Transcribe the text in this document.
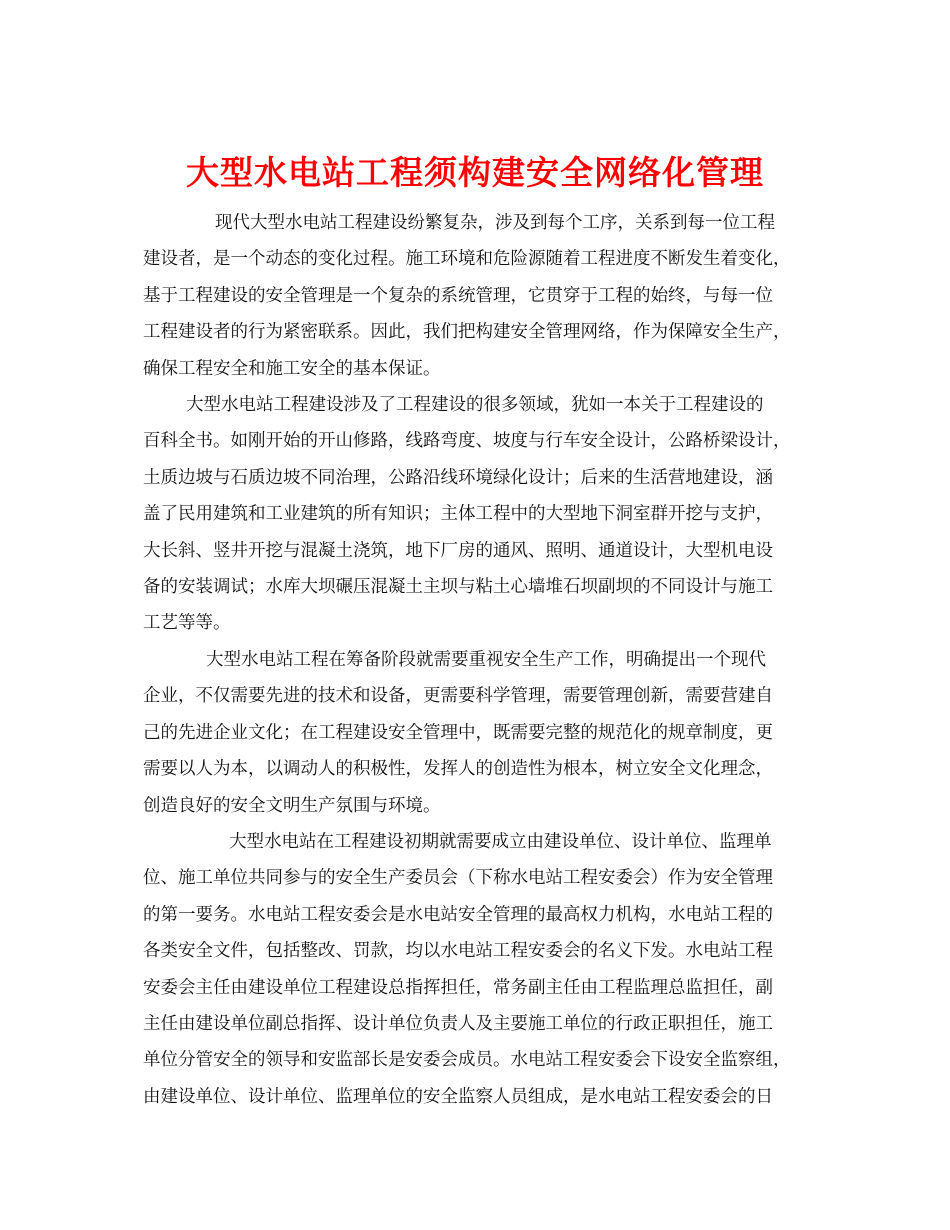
大型水电站工程须构建安全网络化管理

现代大型水电站工程建设纷繁复杂，涉及到每个工序，关系到每一位工程
建设者，是一个动态的变化过程。施工环境和危险源随着工程进度不断发生着变化，
基于工程建设的安全管理是一个复杂的系统管理，它贯穿于工程的始终，与每一位
工程建设者的行为紧密联系。因此，我们把构建安全管理网络，作为保障安全生产，
确保工程安全和施工安全的基本保证。

大型水电站工程建设涉及了工程建设的很多领域，犹如一本关于工程建设的
百科全书。如刚开始的开山修路，线路弯度、坡度与行车安全设计，公路桥梁设计，
土质边坡与石质边坡不同治理，公路沿线环境绿化设计；后来的生活营地建设，涵
盖了民用建筑和工业建筑的所有知识；主体工程中的大型地下洞室群开挖与支护，
大长斜、竖井开挖与混凝土浇筑，地下厂房的通风、照明、通道设计，大型机电设
备的安装调试；水库大坝碾压混凝土主坝与粘土心墙堆石坝副坝的不同设计与施工
工艺等等。

大型水电站工程在筹备阶段就需要重视安全生产工作，明确提出一个现代
企业，不仅需要先进的技术和设备，更需要科学管理，需要管理创新，需要营建自
己的先进企业文化；在工程建设安全管理中，既需要完整的规范化的规章制度，更
需要以人为本，以调动人的积极性，发挥人的创造性为根本，树立安全文化理念，
创造良好的安全文明生产氛围与环境。

大型水电站在工程建设初期就需要成立由建设单位、设计单位、监理单
位、施工单位共同参与的安全生产委员会（下称水电站工程安委会）作为安全管理
的第一要务。水电站工程安委会是水电站安全管理的最高权力机构，水电站工程的
各类安全文件，包括整改、罚款，均以水电站工程安委会的名义下发。水电站工程
安委会主任由建设单位工程建设总指挥担任，常务副主任由工程监理总监担任，副
主任由建设单位副总指挥、设计单位负责人及主要施工单位的行政正职担任，施工
单位分管安全的领导和安监部长是安委会成员。水电站工程安委会下设安全监察组，
由建设单位、设计单位、监理单位的安全监察人员组成，是水电站工程安委会的日
